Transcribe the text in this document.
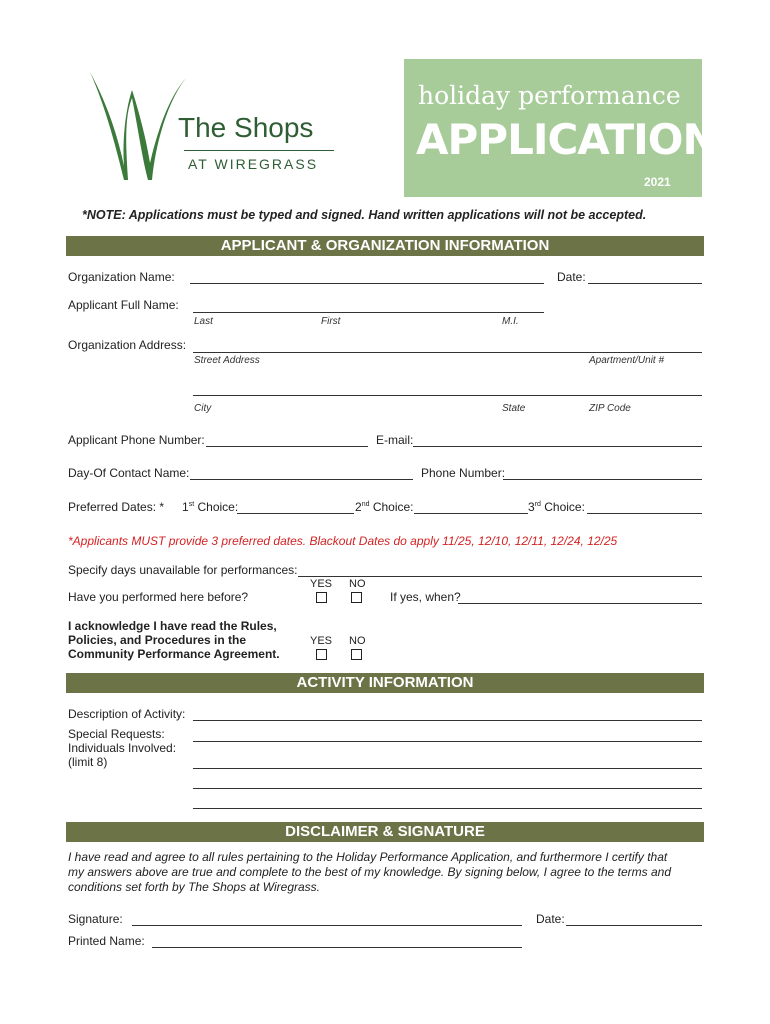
The Shops
AT WIREGRASS
holiday performance
APPLICATION
2021
*NOTE: Applications must be typed and signed. Hand written applications will not be accepted.
APPLICANT & ORGANIZATION INFORMATION
Organization Name:	Date:
Applicant Full Name:
Last	First	M.I.
Organization Address:
Street Address	Apartment/Unit #
City	State	ZIP Code
Applicant Phone Number:	E-mail:
Day-Of Contact Name:	Phone Number:
Preferred Dates: * 1st Choice:	2nd Choice:	3rd Choice:
*Applicants MUST provide 3 preferred dates. Blackout Dates do apply 11/25, 12/10, 12/11, 12/24, 12/25
Specify days unavailable for performances:
YES NO
Have you performed here before?	If yes, when?
I acknowledge I have read the Rules,
Policies, and Procedures in the
Community Performance Agreement.
YES NO
ACTIVITY INFORMATION
Description of Activity:
Special Requests:
Individuals Involved:
(limit 8)
DISCLAIMER & SIGNATURE
I have read and agree to all rules pertaining to the Holiday Performance Application, and furthermore I certify that
my answers above are true and complete to the best of my knowledge. By signing below, I agree to the terms and
conditions set forth by The Shops at Wiregrass.
Signature:	Date:
Printed Name:
